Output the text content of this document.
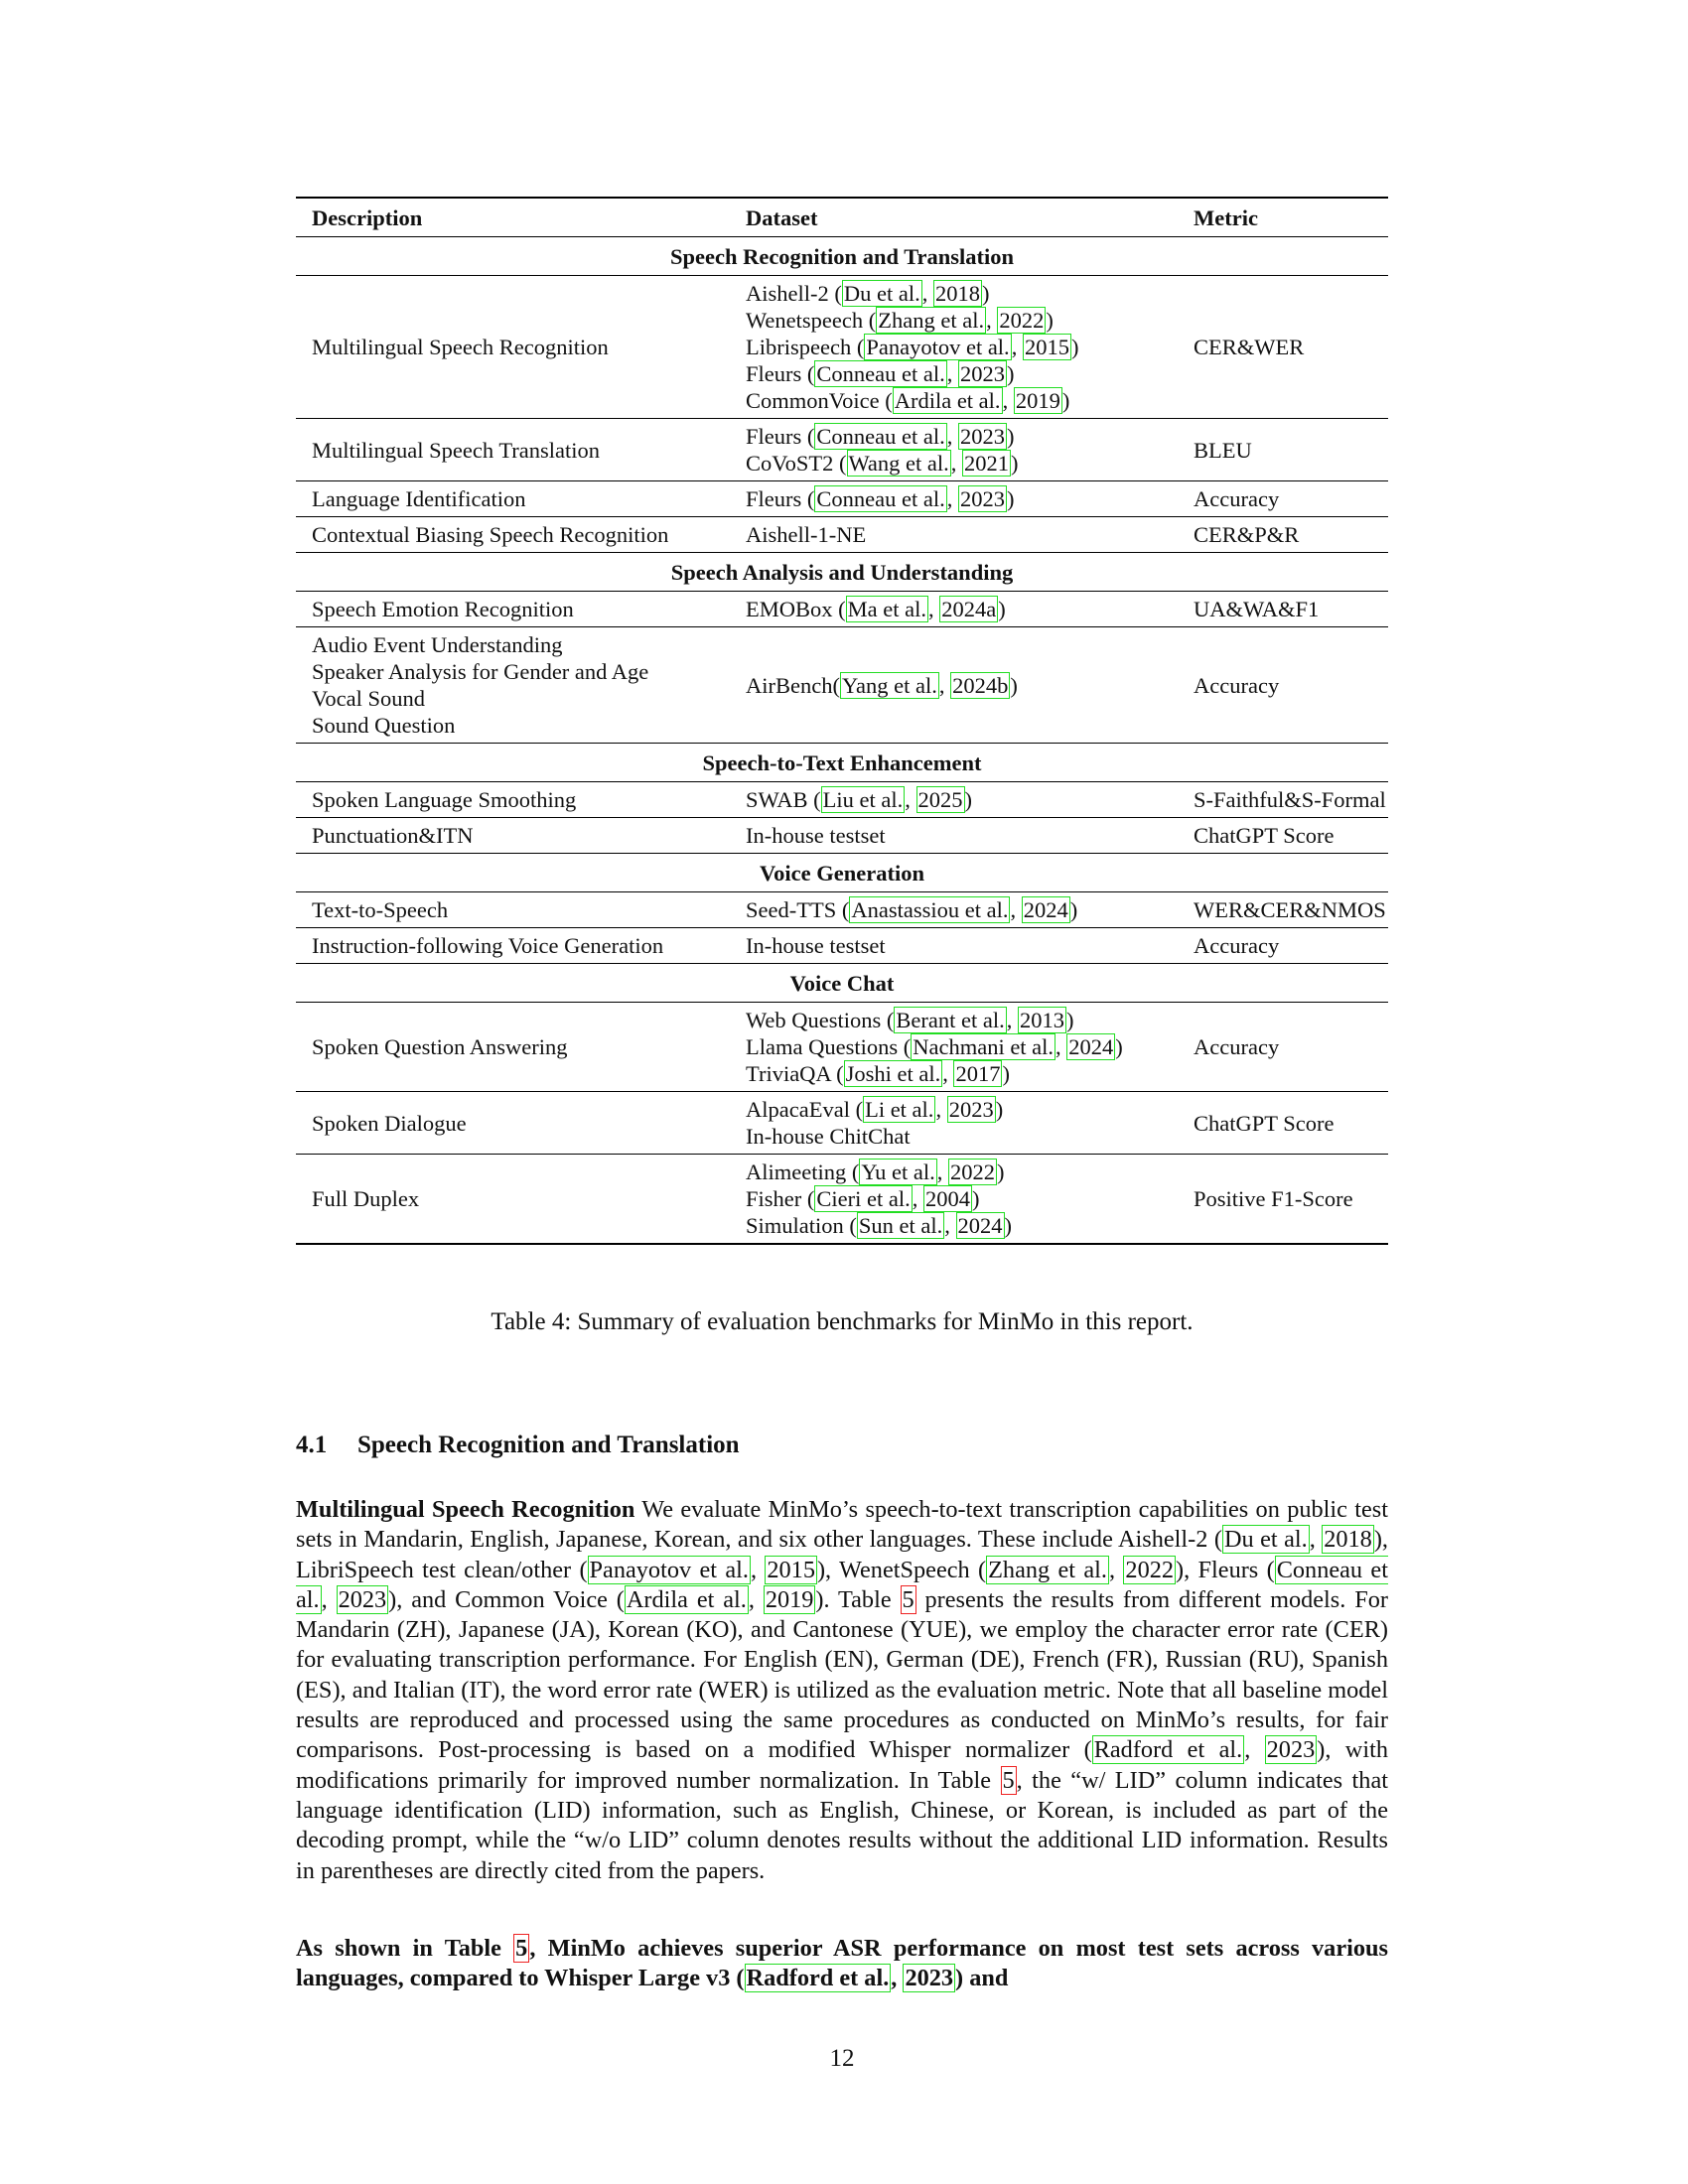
Description	Dataset	Metric
Speech Recognition and Translation		

Multilingual Speech Recognition	Aishell-2 (Du et al., 2018)
Wenetspeech (Zhang et al., 2022)
Librispeech (Panayotov et al., 2015)
Fleurs (Conneau et al., 2023)
CommonVoice (Ardila et al., 2019)	CER&WER

Multilingual Speech Translation	Fleurs (Conneau et al., 2023)
CoVoST2 (Wang et al., 2021)	BLEU

Language Identification	Fleurs (Conneau et al., 2023)	Accuracy

Contextual Biasing Speech Recognition	Aishell-1-NE	CER&P&R
Speech Analysis and Understanding		

Speech Emotion Recognition	EMOBox (Ma et al., 2024a)	UA&WA&F1

Audio Event Understanding
Speaker Analysis for Gender and Age
Vocal Sound
Sound Question	AirBench(Yang et al., 2024b)	Accuracy
Speech-to-Text Enhancement		

Spoken Language Smoothing	SWAB (Liu et al., 2025)	S-Faithful&S-Formal

Punctuation&ITN	In-house testset	ChatGPT Score
Voice Generation		

Text-to-Speech	Seed-TTS (Anastassiou et al., 2024)	WER&CER&NMOS

Instruction-following Voice Generation	In-house testset	Accuracy
Voice Chat		

Spoken Question Answering	Web Questions (Berant et al., 2013)
Llama Questions (Nachmani et al., 2024)
TriviaQA (Joshi et al., 2017)	Accuracy

Spoken Dialogue	AlpacaEval (Li et al., 2023)
In-house ChitChat	ChatGPT Score

Full Duplex	Alimeeting (Yu et al., 2022)
Fisher (Cieri et al., 2004)
Simulation (Sun et al., 2024)	Positive F1-Score
Table 4: Summary of evaluation benchmarks for MinMo in this report.
4.1 Speech Recognition and Translation
Multilingual Speech Recognition We evaluate MinMo’s speech-to-text transcription capabilities on public test sets in Mandarin, English, Japanese, Korean, and six other languages. These include Aishell-2 (Du et al., 2018), LibriSpeech test clean/other (Panayotov et al., 2015), WenetSpeech (Zhang et al., 2022), Fleurs (Conneau et al., 2023), and Common Voice (Ardila et al., 2019). Table 5 presents the results from different models. For Mandarin (ZH), Japanese (JA), Korean (KO), and Cantonese (YUE), we employ the character error rate (CER) for evaluating transcription performance. For English (EN), German (DE), French (FR), Russian (RU), Spanish (ES), and Italian (IT), the word error rate (WER) is utilized as the evaluation metric. Note that all baseline model results are reproduced and processed using the same procedures as conducted on MinMo’s results, for fair comparisons. Post-processing is based on a modified Whisper normalizer (Radford et al., 2023), with modifications primarily for improved number normalization. In Table 5, the “w/ LID” column indicates that language identification (LID) information, such as English, Chinese, or Korean, is included as part of the decoding prompt, while the “w/o LID” column denotes results without the additional LID information. Results in parentheses are directly cited from the papers.
As shown in Table 5, MinMo achieves superior ASR performance on most test sets across various languages, compared to Whisper Large v3 (Radford et al., 2023) and
12
